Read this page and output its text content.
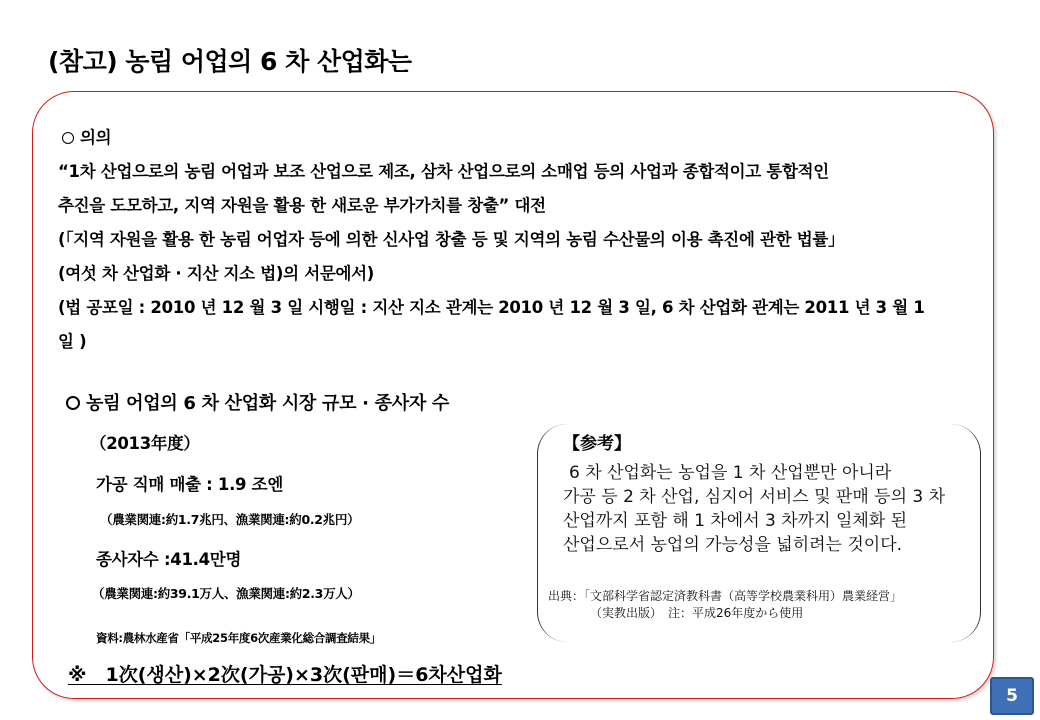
(참고) 농림 어업의 6 차 산업화는
의의
“1차 산업으로의 농림 어업과 보조 산업으로 제조, 삼차 산업으로의 소매업 등의 사업과 종합적이고 통합적인
추진을 도모하고, 지역 자원을 활용 한 새로운 부가가치를 창출” 대전
(「지역 자원을 활용 한 농림 어업자 등에 의한 신사업 창출 등 및 지역의 농림 수산물의 이용 촉진에 관한 법률」
(여섯 차 산업화 · 지산 지소 법)의 서문에서)
(법 공포일 : 2010 년 12 월 3 일 시행일 : 지산 지소 관계는 2010 년 12 월 3 일, 6 차 산업화 관계는 2011 년 3 월 1
일 )
농림 어업의 6 차 산업화 시장 규모 · 종사자 수
（2013年度）
가공 직매 매출 : 1.9 조엔
（農業関連:約1.7兆円、漁業関連:約0.2兆円）
종사자수 :41.4만명
（農業関連:約39.1万人、漁業関連:約2.3万人）
資料:農林水産省「平成25年度6次産業化総合調査結果」
【参考】
6 차 산업화는 농업을 1 차 산업뿐만 아니라
가공 등 2 차 산업, 심지어 서비스 및 판매 등의 3 차
산업까지 포함 해 1 차에서 3 차까지 일체화 된
산업으로서 농업의 가능성을 넓히려는 것이다.
出典：「文部科学省認定済教科書（高等学校農業科用）農業経営」
（実教出版）　注：平成26年度から使用
※　1次(생산)×2次(가공)×3次(판매)＝6차산업화
5
